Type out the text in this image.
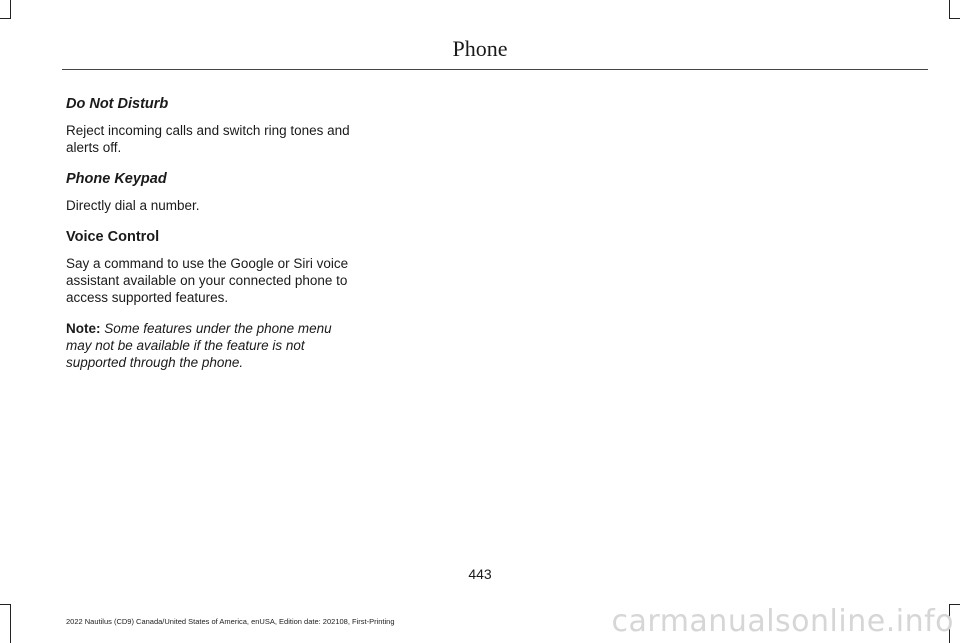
Phone
Do Not Disturb

Reject incoming calls and switch ring tones and alerts off.

Phone Keypad

Directly dial a number.

Voice Control

Say a command to use the Google or Siri voice assistant available on your connected phone to access supported features.

Note: Some features under the phone menu may not be available if the feature is not supported through the phone.

443
2022 Nautilus (CD9) Canada/United States of America, enUSA, Edition date: 202108, First-Printing	carmanualsonline.info
